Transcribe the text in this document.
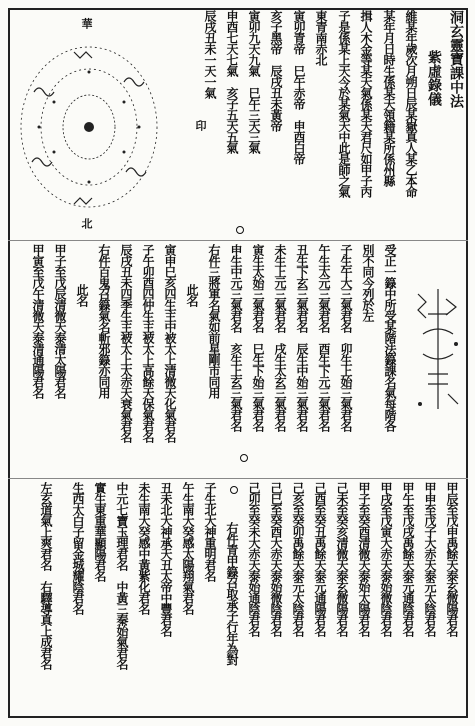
華
北
印
洞玄靈寶課中法
紫虛錄儀
維某年歲次月朔日辰某嶽真人某乙本命
某年月日時生係某天領籍某所係州縣
揖人木金等某天氣係某天君尺如甲子丙
子是係某上天今於某氣天中此是師之氣
東青南赤北
寅卯青帝　巳午赤帝　申酉白帝
亥子黑帝　辰戌丑未黃帝
寅卯九天九氣　巳午三天三氣
申酉七天七氣　亥子五天五氣
辰戌丑未一天一氣
受正一籙中所受某階法籙課名氣每階各
別不同今列於左
子生午大三氣君名　卯生上始三氣君名
午生太元三氣君名　酉生下元三氣君名
丑生下玄三氣君名　辰生中始三氣君名
未生上元三氣君名　戌生太玄三氣君名
寅生太始三氣君名　巳生下始三氣君名
申生中元三氣君名　亥生上玄三氣君名
右件三將軍名氣如前星剛市同用
此名
寅申巳亥四生主中被太上清微天化氣君名
子午卯酉四仲生主被太上高餘天保氣君名
辰戌丑未四季生主被太上太赤天衰氣君名
右件百鬼召籙氣名斬邪籙亦同用
此名
甲子至戊辰清微天泰清太陽君名
甲寅至戊午清微天泰清通陽君名
甲辰至戊申禹餘天泰玄微陽君名
甲申至戊子大赤天泰元太陰君名
甲午至戊戌禹餘天泰元通陰君名
甲戌至戊寅大赤天泰始微陰君名
甲子至癸酉清微天泰始太陽君名
己未至癸亥清微天泰玄微陽君名
己酉至癸丑禹餘天泰元通陽君名
己亥至癸卯禹餘天泰元太陰君名
己巳至癸酉大赤天泰始微陰君名
己卯至癸未大赤天泰始通陰君名
右件青甲籙召取承子行年為對
子生北大神重明君名
午生南大癸感太陽翔氣君名
丑未北大神承天丑太帝中豐君名
未生南大癸感中黃紫化君名
中元七寶玉理君名　中黃三秦始氣君名
實生東重華顯陽君名
生西太白子留金城耀陰君名
左玄道氣上爽君名　右驛導真上成君名
